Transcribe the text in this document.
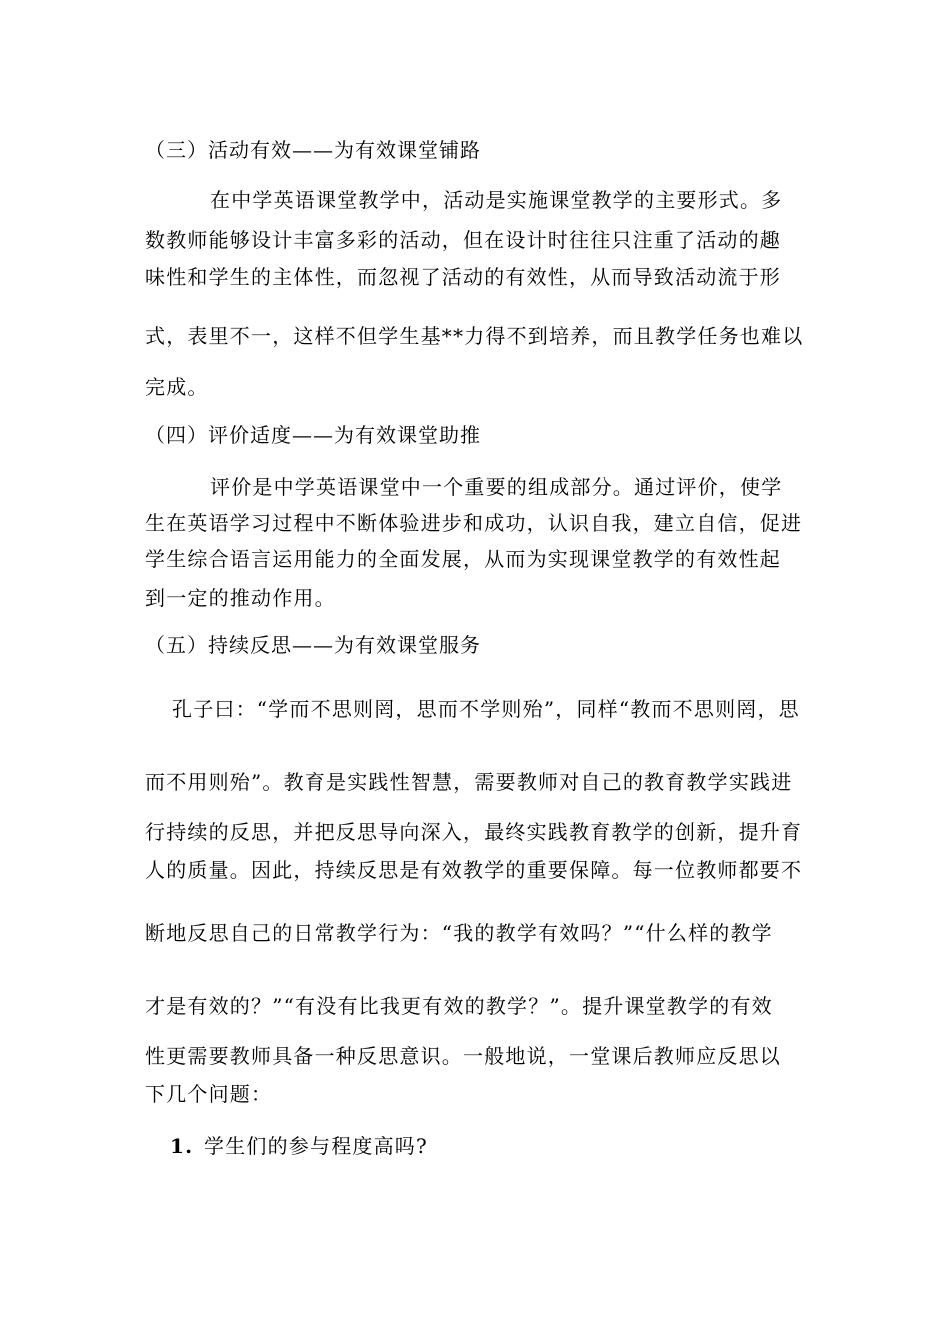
（三）活动有效——为有效课堂铺路
在中学英语课堂教学中，活动是实施课堂教学的主要形式。多
数教师能够设计丰富多彩的活动，但在设计时往往只注重了活动的趣
味性和学生的主体性，而忽视了活动的有效性，从而导致活动流于形
式，表里不一，这样不但学生基**力得不到培养，而且教学任务也难以
完成。
（四）评价适度——为有效课堂助推
评价是中学英语课堂中一个重要的组成部分。通过评价，使学
生在英语学习过程中不断体验进步和成功，认识自我，建立自信，促进
学生综合语言运用能力的全面发展，从而为实现课堂教学的有效性起
到一定的推动作用。
（五）持续反思——为有效课堂服务
孔子曰：“学而不思则罔，思而不学则殆”，同样“教而不思则罔，思
而不用则殆”。教育是实践性智慧，需要教师对自己的教育教学实践进
行持续的反思，并把反思导向深入，最终实践教育教学的创新，提升育
人的质量。因此，持续反思是有效教学的重要保障。每一位教师都要不
断地反思自己的日常教学行为：“我的教学有效吗？”“什么样的教学
才是有效的？”“有没有比我更有效的教学？”。提升课堂教学的有效
性更需要教师具备一种反思意识。一般地说，一堂课后教师应反思以
下几个问题：
1. 学生们的参与程度高吗?
